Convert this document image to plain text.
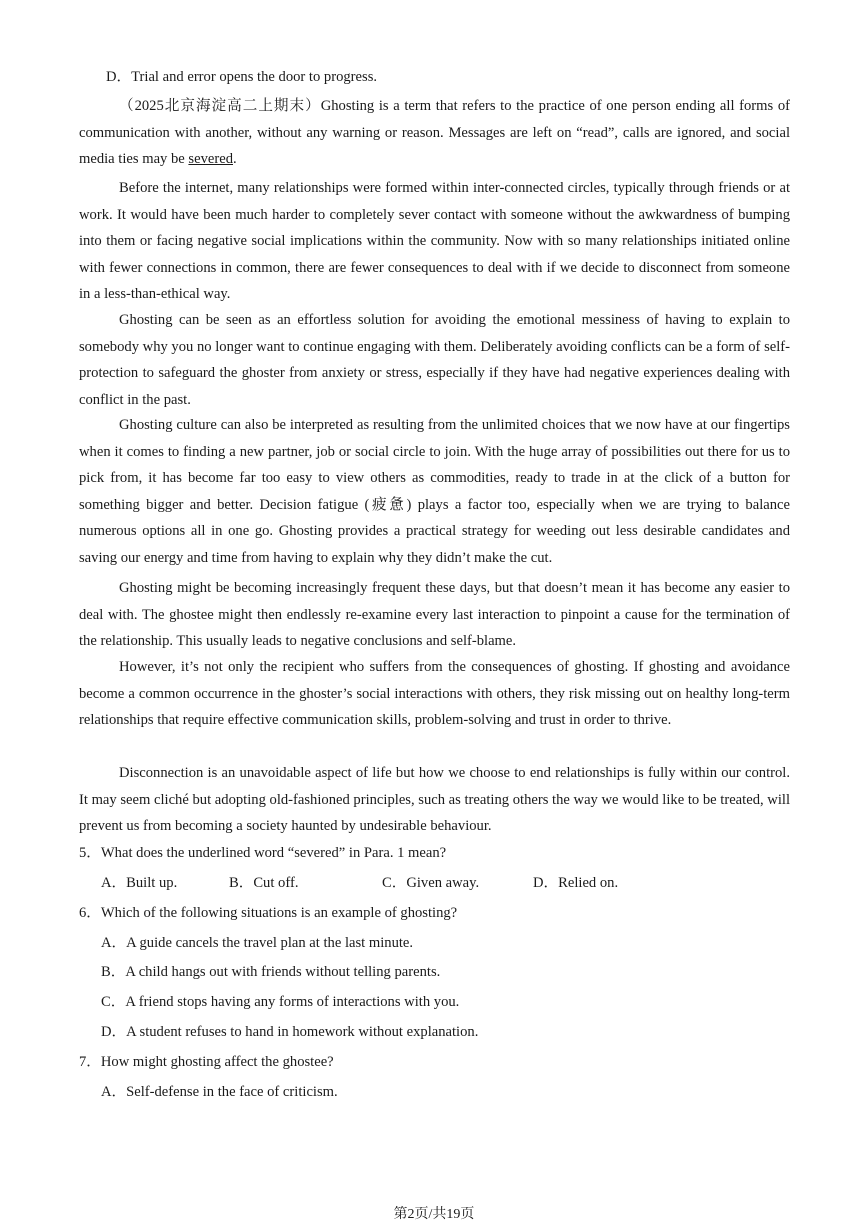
D．Trial and error opens the door to progress.

（2025北京海淀高二上期末）Ghosting is a term that refers to the practice of one person ending all forms of communication with another, without any warning or reason. Messages are left on “read”, calls are ignored, and social media ties may be severed.

Before the internet, many relationships were formed within inter-connected circles, typically through friends or at work. It would have been much harder to completely sever contact with someone without the awkwardness of bumping into them or facing negative social implications within the community. Now with so many relationships initiated online with fewer connections in common, there are fewer consequences to deal with if we decide to disconnect from someone in a less-than-ethical way.

Ghosting can be seen as an effortless solution for avoiding the emotional messiness of having to explain to somebody why you no longer want to continue engaging with them. Deliberately avoiding conflicts can be a form of self-protection to safeguard the ghoster from anxiety or stress, especially if they have had negative experiences dealing with conflict in the past.

Ghosting culture can also be interpreted as resulting from the unlimited choices that we now have at our fingertips when it comes to finding a new partner, job or social circle to join. With the huge array of possibilities out there for us to pick from, it has become far too easy to view others as commodities, ready to trade in at the click of a button for something bigger and better. Decision fatigue (疲惫) plays a factor too, especially when we are trying to balance numerous options all in one go. Ghosting provides a practical strategy for weeding out less desirable candidates and saving our energy and time from having to explain why they didn’t make the cut.

Ghosting might be becoming increasingly frequent these days, but that doesn’t mean it has become any easier to deal with. The ghostee might then endlessly re-examine every last interaction to pinpoint a cause for the termination of the relationship. This usually leads to negative conclusions and self-blame.

However, it’s not only the recipient who suffers from the consequences of ghosting. If ghosting and avoidance become a common occurrence in the ghoster’s social interactions with others, they risk missing out on healthy long-term relationships that require effective communication skills, problem-solving and trust in order to thrive.

Disconnection is an unavoidable aspect of life but how we choose to end relationships is fully within our control. It may seem cliché but adopting old-fashioned principles, such as treating others the way we would like to be treated, will prevent us from becoming a society haunted by undesirable behaviour.

5．What does the underlined word “severed” in Para. 1 mean?

A．Built up.	B．Cut off.	C．Given away.	D．Relied on.

6．Which of the following situations is an example of ghosting?

A．A guide cancels the travel plan at the last minute.
B．A child hangs out with friends without telling parents.
C．A friend stops having any forms of interactions with you.
D．A student refuses to hand in homework without explanation.

7．How might ghosting affect the ghostee?

A．Self-defense in the face of criticism.
第2页/共19页
